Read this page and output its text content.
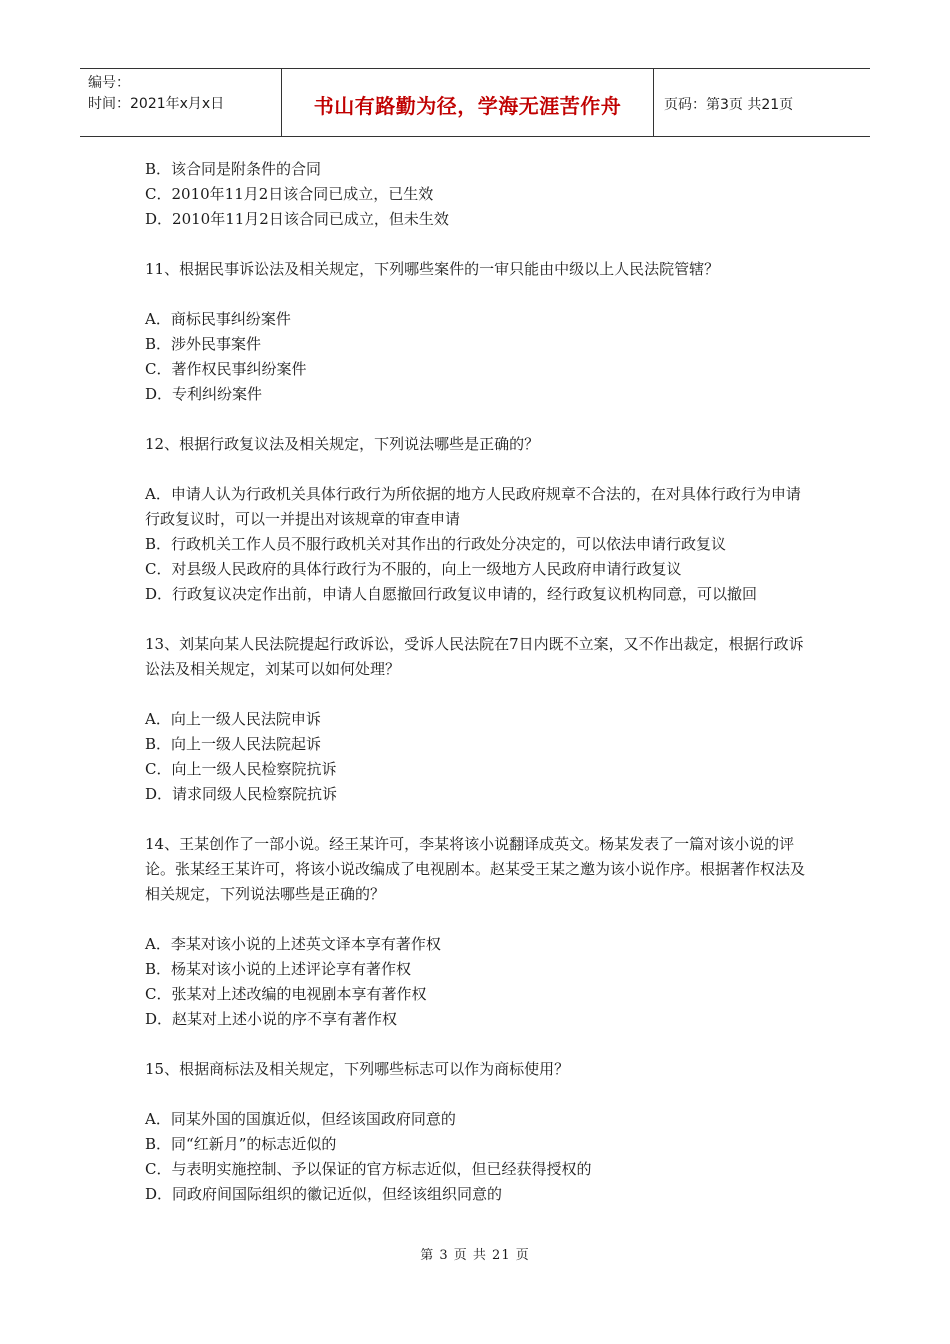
编号：
时间：2021年x月x日	书山有路勤为径，学海无涯苦作舟	页码：第3页 共21页
B．该合同是附条件的合同
C．2010年11月2日该合同已成立，已生效
D．2010年11月2日该合同已成立，但未生效
11、根据民事诉讼法及相关规定，下列哪些案件的一审只能由中级以上人民法院管辖？
A．商标民事纠纷案件
B．涉外民事案件
C．著作权民事纠纷案件
D．专利纠纷案件
12、根据行政复议法及相关规定，下列说法哪些是正确的？
A．申请人认为行政机关具体行政行为所依据的地方人民政府规章不合法的，在对具体行政行为申请行政复议时，可以一并提出对该规章的审查申请
B．行政机关工作人员不服行政机关对其作出的行政处分决定的，可以依法申请行政复议
C．对县级人民政府的具体行政行为不服的，向上一级地方人民政府申请行政复议
D．行政复议决定作出前，申请人自愿撤回行政复议申请的，经行政复议机构同意，可以撤回
13、刘某向某人民法院提起行政诉讼，受诉人民法院在7日内既不立案，又不作出裁定，根据行政诉讼法及相关规定，刘某可以如何处理？
A．向上一级人民法院申诉
B．向上一级人民法院起诉
C．向上一级人民检察院抗诉
D．请求同级人民检察院抗诉
14、王某创作了一部小说。经王某许可，李某将该小说翻译成英文。杨某发表了一篇对该小说的评论。张某经王某许可，将该小说改编成了电视剧本。赵某受王某之邀为该小说作序。根据著作权法及相关规定，下列说法哪些是正确的？
A．李某对该小说的上述英文译本享有著作权
B．杨某对该小说的上述评论享有著作权
C．张某对上述改编的电视剧本享有著作权
D．赵某对上述小说的序不享有著作权
15、根据商标法及相关规定，下列哪些标志可以作为商标使用？
A．同某外国的国旗近似，但经该国政府同意的
B．同“红新月”的标志近似的
C．与表明实施控制、予以保证的官方标志近似，但已经获得授权的
D．同政府间国际组织的徽记近似，但经该组织同意的
第 3 页 共 21 页
